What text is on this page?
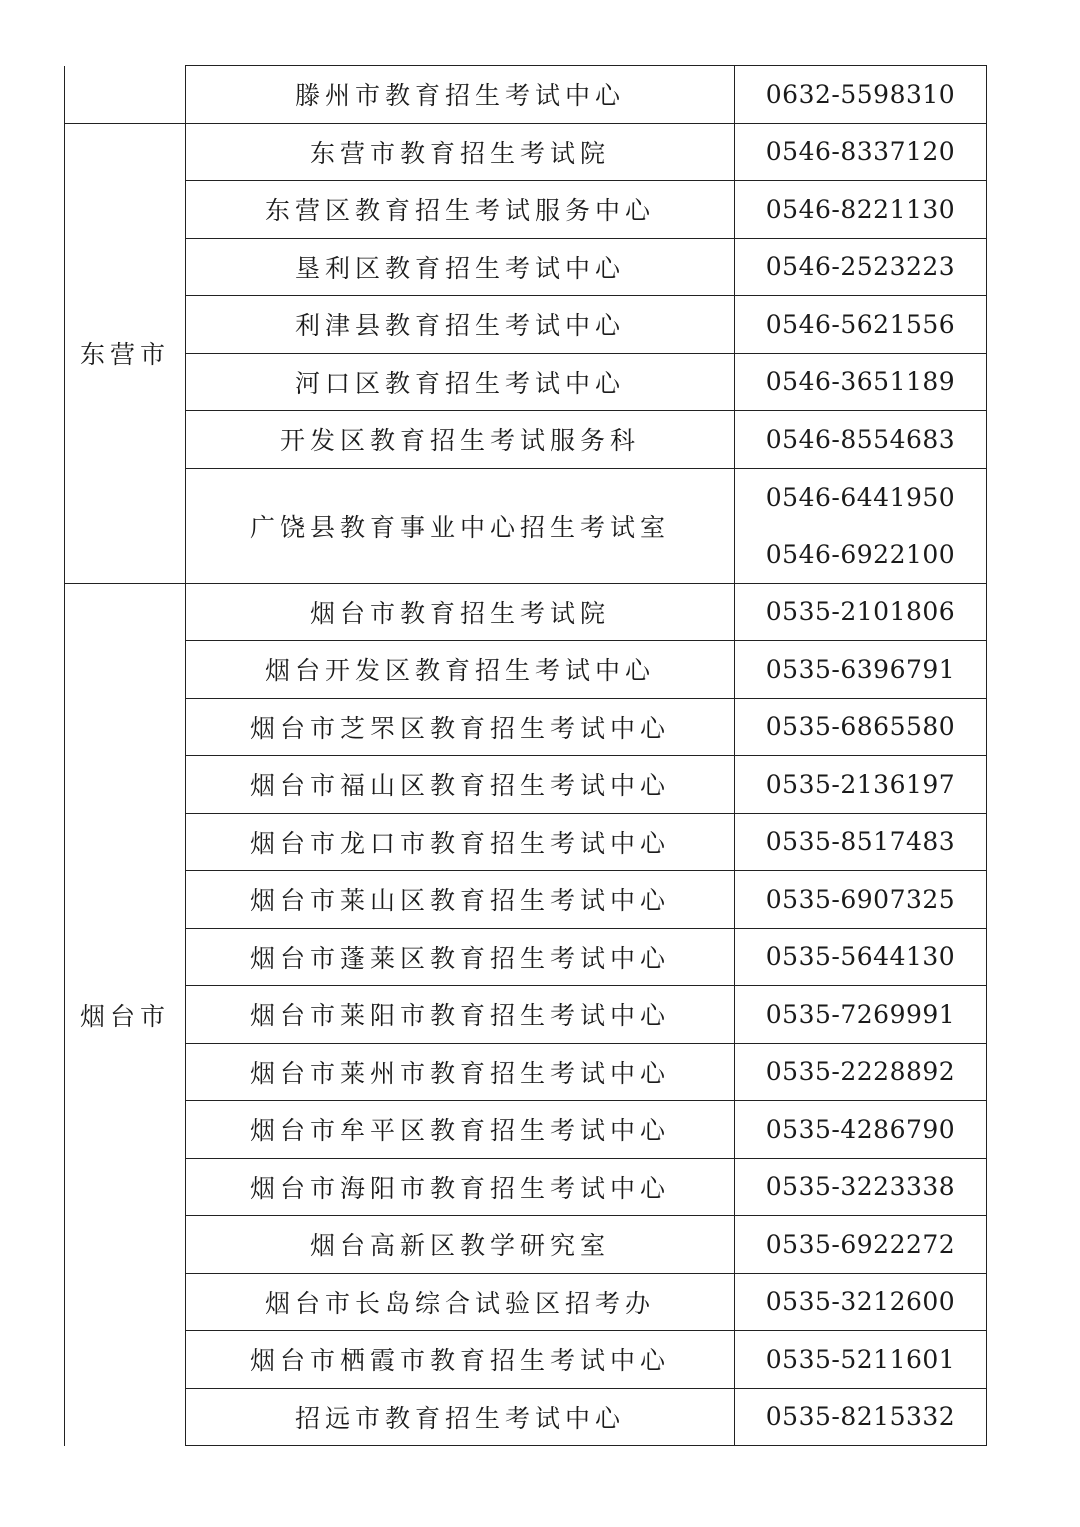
	滕州市教育招生考试中心	0632-5598310
东营市	东营市教育招生考试院	0546-8337120
	东营区教育招生考试服务中心	0546-8221130
	垦利区教育招生考试中心	0546-2523223
	利津县教育招生考试中心	0546-5621556
	河口区教育招生考试中心	0546-3651189
	开发区教育招生考试服务科	0546-8554683
	广饶县教育事业中心招生考试室	0546-6441950
0546-6922100

烟台市	烟台市教育招生考试院	0535-2101806
	烟台开发区教育招生考试中心	0535-6396791
	烟台市芝罘区教育招生考试中心	0535-6865580
	烟台市福山区教育招生考试中心	0535-2136197
	烟台市龙口市教育招生考试中心	0535-8517483
	烟台市莱山区教育招生考试中心	0535-6907325
	烟台市蓬莱区教育招生考试中心	0535-5644130
	烟台市莱阳市教育招生考试中心	0535-7269991
	烟台市莱州市教育招生考试中心	0535-2228892
	烟台市牟平区教育招生考试中心	0535-4286790
	烟台市海阳市教育招生考试中心	0535-3223338
	烟台高新区教学研究室	0535-6922272
	烟台市长岛综合试验区招考办	0535-3212600
	烟台市栖霞市教育招生考试中心	0535-5211601
	招远市教育招生考试中心	0535-8215332
